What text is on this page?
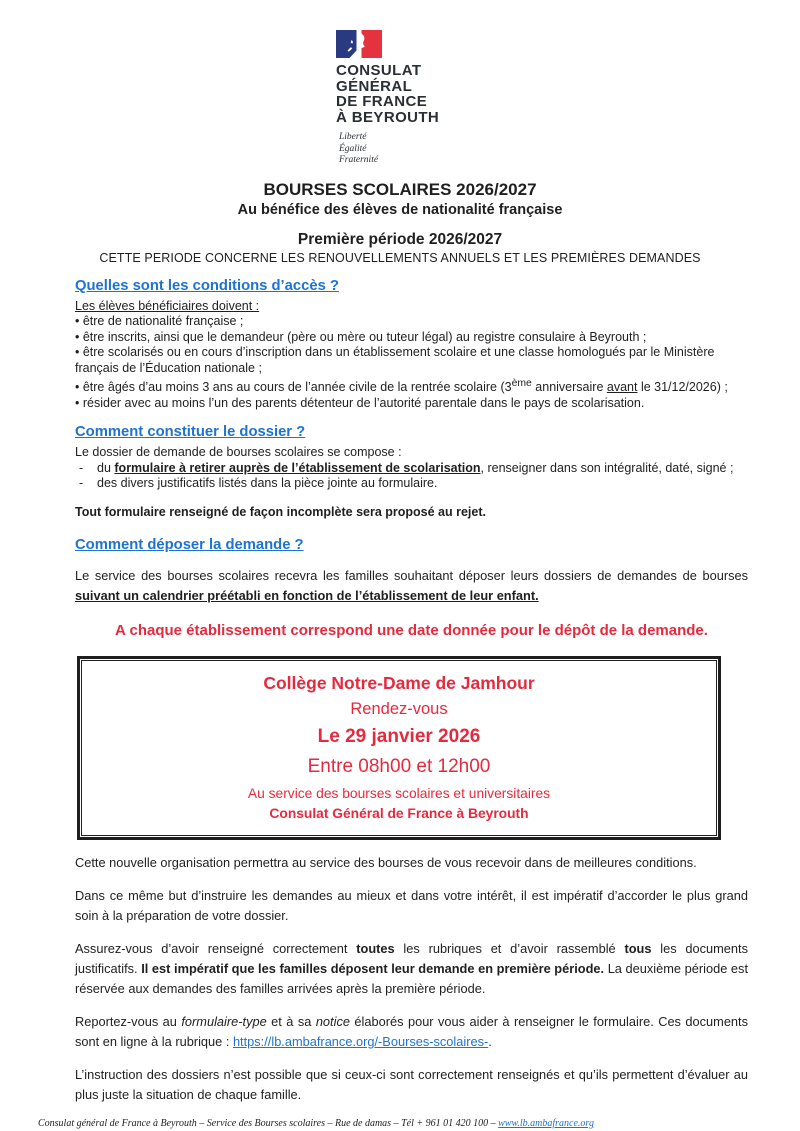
CONSULAT
GÉNÉRAL
DE FRANCE
À BEYROUTH
Liberté
Égalité
Fraternité
BOURSES SCOLAIRES 2026/2027
Au bénéfice des élèves de nationalité française
Première période 2026/2027
CETTE PERIODE CONCERNE LES RENOUVELLEMENTS ANNUELS ET LES PREMIÈRES DEMANDES
Quelles sont les conditions d’accès ?
Les élèves bénéficiaires doivent :
• être de nationalité française ;
• être inscrits, ainsi que le demandeur (père ou mère ou tuteur légal) au registre consulaire à Beyrouth ;
• être scolarisés ou en cours d’inscription dans un établissement scolaire et une classe homologués par le Ministère français de l’Éducation nationale ;
• être âgés d’au moins 3 ans au cours de l’année civile de la rentrée scolaire (3ème anniversaire avant le 31/12/2026) ;
• résider avec au moins l’un des parents détenteur de l’autorité parentale dans le pays de scolarisation.
Comment constituer le dossier ?
Le dossier de demande de bourses scolaires se compose :
-	du formulaire à retirer auprès de l’établissement de scolarisation, renseigner dans son intégralité, daté, signé ;
-	des divers justificatifs listés dans la pièce jointe au formulaire.
Tout formulaire renseigné de façon incomplète sera proposé au rejet.
Comment déposer la demande ?

Le service des bourses scolaires recevra les familles souhaitant déposer leurs dossiers de demandes de bourses suivant un calendrier préétabli en fonction de l’établissement de leur enfant.

A chaque établissement correspond une date donnée pour le dépôt de la demande.
Collège Notre-Dame de Jamhour
Rendez-vous
Le 29 janvier 2026
Entre 08h00 et 12h00
Au service des bourses scolaires et universitaires
Consulat Général de France à Beyrouth

Cette nouvelle organisation permettra au service des bourses de vous recevoir dans de meilleures conditions.

Dans ce même but d’instruire les demandes au mieux et dans votre intérêt, il est impératif d’accorder le plus grand soin à la préparation de votre dossier.

Assurez-vous d’avoir renseigné correctement toutes les rubriques et d’avoir rassemblé tous les documents justificatifs. Il est impératif que les familles déposent leur demande en première période. La deuxième période est réservée aux demandes des familles arrivées après la première période.

Reportez-vous au formulaire-type et à sa notice élaborés pour vous aider à renseigner le formulaire. Ces documents sont en ligne à la rubrique : https://lb.ambafrance.org/-Bourses-scolaires-.

L’instruction des dossiers n’est possible que si ceux-ci sont correctement renseignés et qu’ils permettent d’évaluer au plus juste la situation de chaque famille.

Consulat général de France à Beyrouth – Service des Bourses scolaires – Rue de damas – Tél + 961 01 420 100 – www.lb.ambafrance.org
